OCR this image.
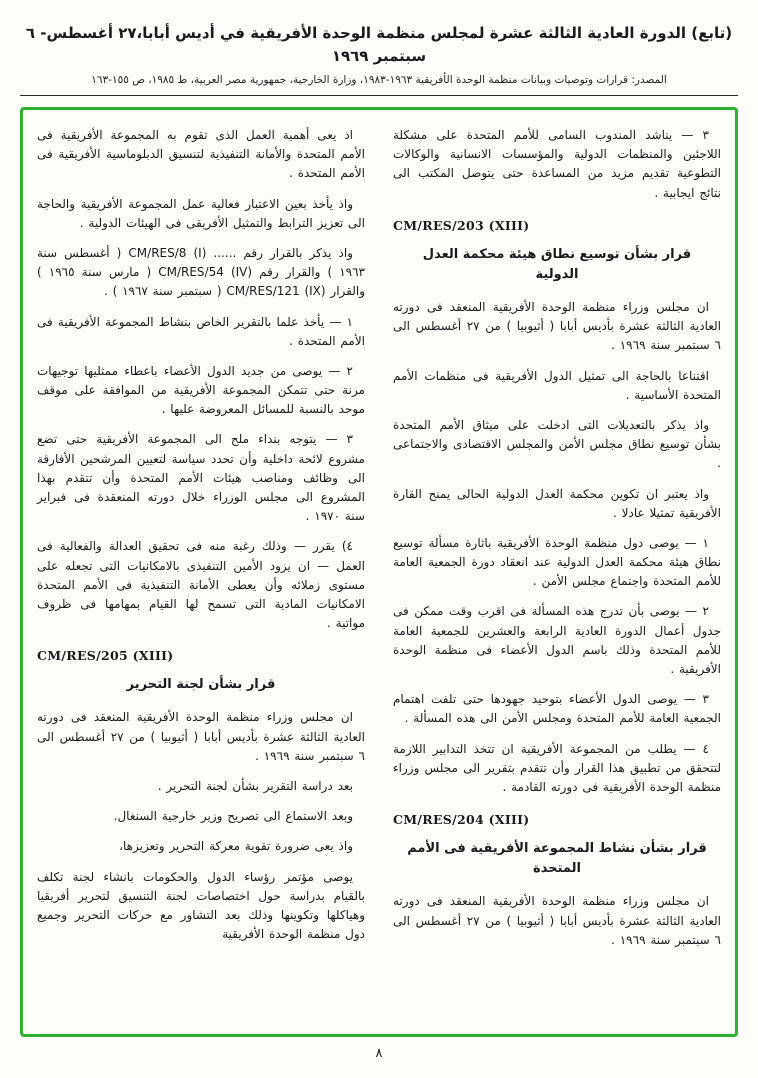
(تابع) الدورة العادية الثالثة عشرة لمجلس منظمة الوحدة الأفريقية في أديس أبابا،٢٧ أغسطس- ٦ سبتمبر ١٩٦٩

المصدر: قرارات وتوصيات وبيانات منظمة الوحدة الأفريقية ١٩٦٣-١٩٨٣، وزارة الخارجية، جمهورية مصر العربية، ط ١٩٨٥، ص ١٥٥-١٦٣

٣ — يناشد المندوب السامى للأمم المتحدة على مشكلة اللاجئين والمنظمات الدولية والمؤسسات الانسانية والوكالات التطوعية تقديم مزيد من المساعدة حتى يتوصل المكتب الى نتائج ايجابية .

CM/RES/203 (XIII)
قرار بشأن توسيع نطاق هيئة محكمة العدل الدولية

ان مجلس وزراء منظمة الوحدة الأفريقية المنعقد فى دورته العادية الثالثة عشرة بأديس أبابا ( أثيوبيا ) من ٢٧ أغسطس الى ٦ سبتمبر سنة ١٩٦٩ .

اقتناعا بالحاجة الى تمثيل الدول الأفريقية فى منظمات الأمم المتحدة الأساسية .

واذ يذكر بالتعديلات التى ادخلت على ميثاق الأمم المتحدة بشأن توسيع نطاق مجلس الأمن والمجلس الاقتصادى والاجتماعى .

واذ يعتبر ان تكوين محكمة العدل الدولية الحالى يمنح القارة الأفريقية تمثيلا عادلا .

١ — يوصى دول منظمة الوحدة الأفريقية باثارة مسألة توسيع نطاق هيئة محكمة العدل الدولية عند انعقاد دورة الجمعية العامة للأمم المتحدة واجتماع مجلس الأمن .

٢ — يوصى بأن تدرج هذه المسألة فى اقرب وقت ممكن فى جدول أعمال الدورة العادية الرابعة والعشرين للجمعية العامة للأمم المتحدة وذلك باسم الدول الأعضاء فى منظمة الوحدة الأفريقية .

٣ — يوصى الدول الأعضاء بتوحيد جهودها حتى تلفت اهتمام الجمعية العامة للأمم المتحدة ومجلس الأمن الى هذه المسألة .

٤ — يطلب من المجموعة الأفريقية ان تتخذ التدابير اللازمة لتتحقق من تطبيق هذا القرار وأن تتقدم بتقرير الى مجلس وزراء منظمة الوحدة الأفريقية فى دورته القادمة .

CM/RES/204 (XIII)
قرار بشأن نشاط المجموعة الأفريقية فى الأمم المتحدة

ان مجلس وزراء منظمة الوحدة الأفريقية المنعقد فى دورته العادية الثالثة عشرة بأديس أبابا ( أثيوبيا ) من ٢٧ أغسطس الى ٦ سبتمبر سنة ١٩٦٩ .

اذ يعى أهمية العمل الذى تقوم به المجموعة الأفريقية فى الأمم المتحدة والأمانة التنفيذية لتنسيق الدبلوماسية الأفريقية فى الأمم المتحدة .

واذ يأخذ بعين الاعتبار فعالية عمل المجموعة الأفريقية والحاجة الى تعزيز الترابط والتمثيل الأفريقى فى الهيئات الدولية .

واذ يذكر بالقرار رقم ...... CM/RES/8 (I) ( أغسطس سنة ١٩٦٣ ) والقرار رقم CM/RES/54 (IV) ( مارس سنة ١٩٦٥ ) والقرار CM/RES/121 (IX) ( سبتمبر سنة ١٩٦٧ ) .

١ — يأخذ علما بالتقرير الخاص بنشاط المجموعة الأفريقية فى الأمم المتحدة .

٢ — يوصى من جديد الدول الأعضاء باعطاء ممثليها توجيهات مرنة حتى تتمكن المجموعة الأفريقية من الموافقة على موقف موحد بالنسبة للمسائل المعروضة عليها .

٣ — يتوجه بنداء ملح الى المجموعة الأفريقية حتى تضع مشروع لائحة داخلية وأن تحدد سياسة لتعيين المرشحين الأفارقة الى وظائف ومناصب هيئات الأمم المتحدة وأن تتقدم بهذا المشروع الى مجلس الوزراء خلال دورته المنعقدة فى فبراير سنة ١٩٧٠ .

٤) يقرر — وذلك رغبة منه فى تحقيق العدالة والفعالية فى العمل — ان يزود الأمين التنفيذى بالامكانيات التى تجعله على مستوى زملائه وأن يعطى الأمانة التنفيذية فى الأمم المتحدة الامكانيات المادية التى تسمح لها القيام بمهامها فى ظروف مواتية .

CM/RES/205 (XIII)
قرار بشأن لجنة التحرير

ان مجلس وزراء منظمة الوحدة الأفريقية المنعقد فى دورته العادية الثالثة عشرة بأديس أبابا ( أثيوبيا ) من ٢٧ أغسطس الى ٦ سبتمبر سنة ١٩٦٩ .

بعد دراسة التقرير بشأن لجنة التحرير .

وبعد الاستماع الى تصريح وزير خارجية السنغال.

واذ يعى ضرورة تقوية معركة التحرير وتعزيزها،

يوصى مؤتمر رؤساء الدول والحكومات بانشاء لجنة تكلف بالقيام بدراسة حول اختصاصات لجنة التنسيق لتحرير أفريقيا وهياكلها وتكوينها وذلك بعد التشاور مع حركات التحرير وجميع دول منظمة الوحدة الأفريقية

٨
